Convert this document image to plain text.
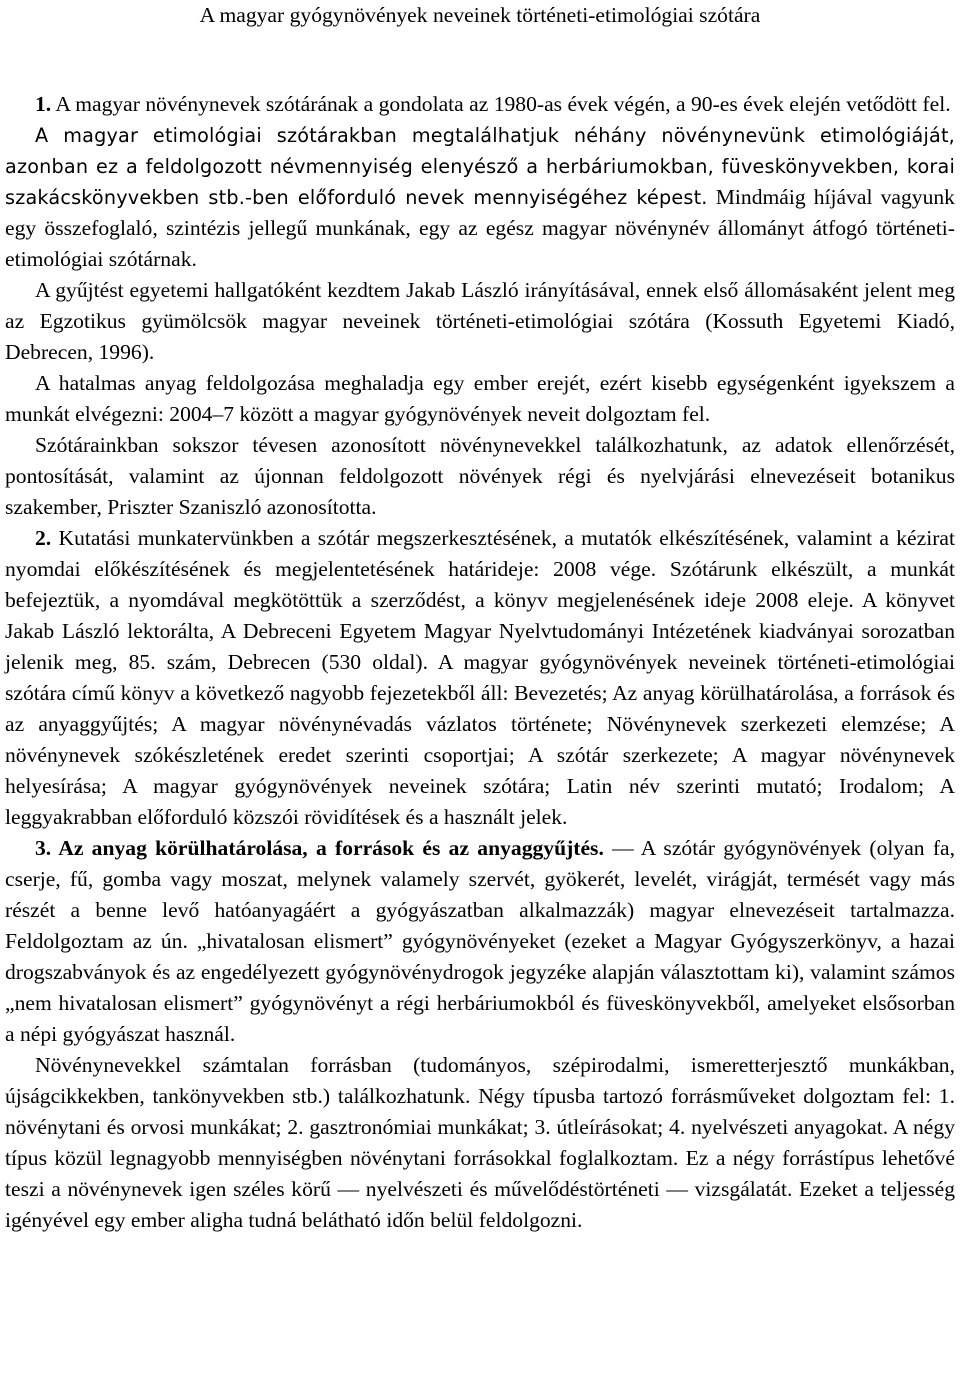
A magyar gyógynövények neveinek történeti-etimológiai szótára

1. A magyar növénynevek szótárának a gondolata az 1980-as évek végén, a 90-es évek elején vetődött fel.

A magyar etimológiai szótárakban megtalálhatjuk néhány növénynevünk etimológiáját, azonban ez a feldolgozott névmennyiség elenyésző a herbáriumokban, füveskönyvekben, korai szakácskönyvekben stb.-ben előforduló nevek mennyiségéhez képest. Mindmáig híjával vagyunk egy összefoglaló, szintézis jellegű munkának, egy az egész magyar növénynév állományt átfogó történeti-etimológiai szótárnak.

A gyűjtést egyetemi hallgatóként kezdtem Jakab László irányításával, ennek első állomásaként jelent meg az Egzotikus gyümölcsök magyar neveinek történeti-etimológiai szótára (Kossuth Egyetemi Kiadó, Debrecen, 1996).

A hatalmas anyag feldolgozása meghaladja egy ember erejét, ezért kisebb egységenként igyekszem a munkát elvégezni: 2004–7 között a magyar gyógynövények neveit dolgoztam fel.

Szótárainkban sokszor tévesen azonosított növénynevekkel találkozhatunk, az adatok ellenőrzését, pontosítását, valamint az újonnan feldolgozott növények régi és nyelvjárási elnevezéseit botanikus szakember, Priszter Szaniszló azonosította.

2. Kutatási munkatervünkben a szótár megszerkesztésének, a mutatók elkészítésének, valamint a kézirat nyomdai előkészítésének és megjelentetésének határideje: 2008 vége. Szótárunk elkészült, a munkát befejeztük, a nyomdával megkötöttük a szerződést, a könyv megjelenésének ideje 2008 eleje. A könyvet Jakab László lektorálta, A Debreceni Egyetem Magyar Nyelvtudományi Intézetének kiadványai sorozatban jelenik meg, 85. szám, Debrecen (530 oldal). A magyar gyógynövények neveinek történeti-etimológiai szótára című könyv a következő nagyobb fejezetekből áll: Bevezetés; Az anyag körülhatárolása, a források és az anyaggyűjtés; A magyar növénynévadás vázlatos története; Növénynevek szerkezeti elemzése; A növénynevek szókészletének eredet szerinti csoportjai; A szótár szerkezete; A magyar növénynevek helyesírása; A magyar gyógynövények neveinek szótára; Latin név szerinti mutató; Irodalom; A leggyakrabban előforduló közszói rövidítések és a használt jelek.

3. Az anyag körülhatárolása, a források és az anyaggyűjtés. — A szótár gyógynövények (olyan fa, cserje, fű, gomba vagy moszat, melynek valamely szervét, gyökerét, levelét, virágját, termését vagy más részét a benne levő hatóanyagáért a gyógyászatban alkalmazzák) magyar elnevezéseit tartalmazza. Feldolgoztam az ún. „hivatalosan elismert” gyógynövényeket (ezeket a Magyar Gyógyszerkönyv, a hazai drogszabványok és az engedélyezett gyógynövénydrogok jegyzéke alapján választottam ki), valamint számos „nem hivatalosan elismert” gyógynövényt a régi herbáriumokból és füveskönyvekből, amelyeket elsősorban a népi gyógyászat használ.

Növénynevekkel számtalan forrásban (tudományos, szépirodalmi, ismeretterjesztő munkákban, újságcikkekben, tankönyvekben stb.) találkozhatunk. Négy típusba tartozó forrásműveket dolgoztam fel: 1. növénytani és orvosi munkákat; 2. gasztronómiai munkákat; 3. útleírásokat; 4. nyelvészeti anyagokat. A négy típus közül legnagyobb mennyiségben növénytani forrásokkal foglalkoztam. Ez a négy forrástípus lehetővé teszi a növénynevek igen széles körű — nyelvészeti és művelődéstörténeti — vizsgálatát. Ezeket a teljesség igényével egy ember aligha tudná belátható időn belül feldolgozni.
